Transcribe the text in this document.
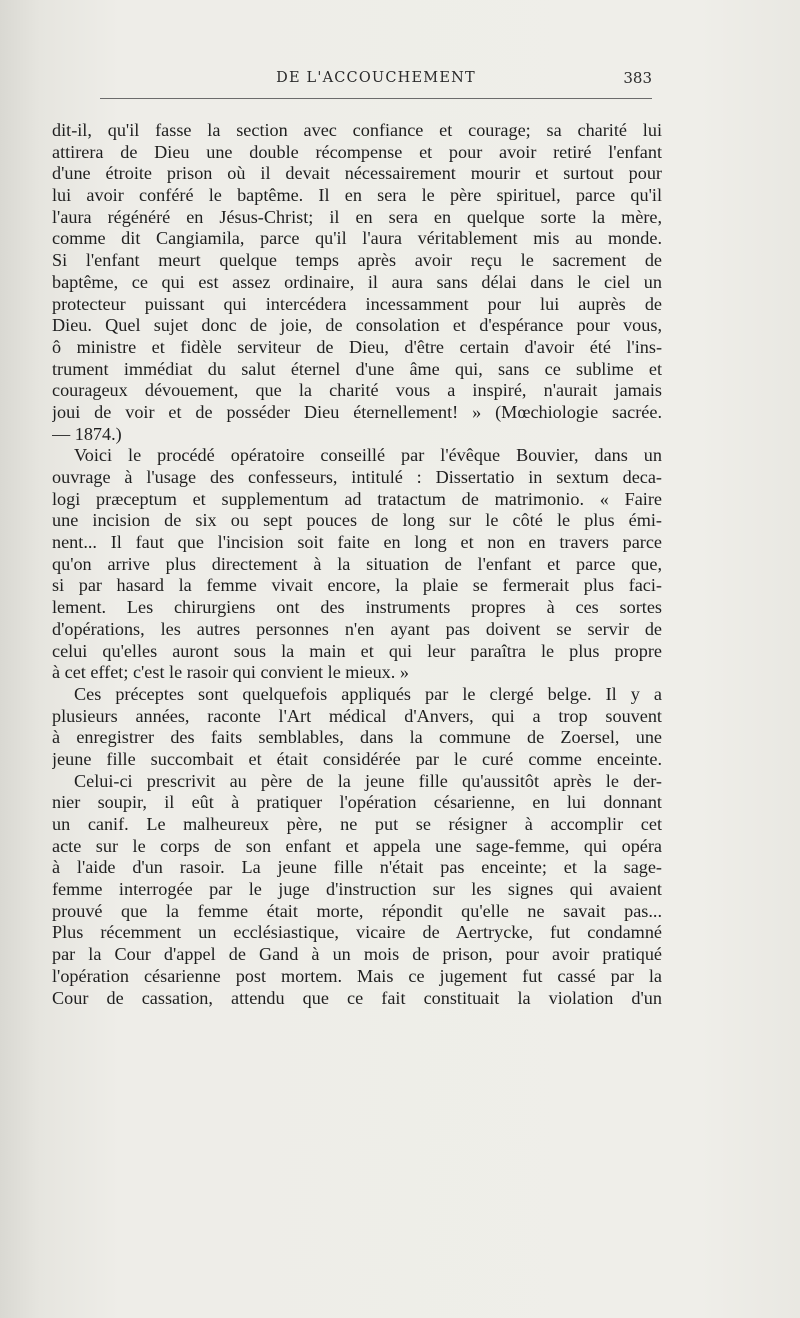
DE L'ACCOUCHEMENT	383
dit-il, qu'il fasse la section avec confiance et courage; sa charité lui
attirera de Dieu une double récompense et pour avoir retiré l'enfant
d'une étroite prison où il devait nécessairement mourir et surtout pour
lui avoir conféré le baptême. Il en sera le père spirituel, parce qu'il
l'aura régénéré en Jésus-Christ; il en sera en quelque sorte la mère,
comme dit Cangiamila, parce qu'il l'aura véritablement mis au monde.
Si l'enfant meurt quelque temps après avoir reçu le sacrement de
baptême, ce qui est assez ordinaire, il aura sans délai dans le ciel un
protecteur puissant qui intercédera incessamment pour lui auprès de
Dieu. Quel sujet donc de joie, de consolation et d'espérance pour vous,
ô ministre et fidèle serviteur de Dieu, d'être certain d'avoir été l'ins-
trument immédiat du salut éternel d'une âme qui, sans ce sublime et
courageux dévouement, que la charité vous a inspiré, n'aurait jamais
joui de voir et de posséder Dieu éternellement! » (Mœchiologie sacrée.
— 1874.)
Voici le procédé opératoire conseillé par l'évêque Bouvier, dans un
ouvrage à l'usage des confesseurs, intitulé : Dissertatio in sextum deca-
logi præceptum et supplementum ad tratactum de matrimonio. « Faire
une incision de six ou sept pouces de long sur le côté le plus émi-
nent... Il faut que l'incision soit faite en long et non en travers parce
qu'on arrive plus directement à la situation de l'enfant et parce que,
si par hasard la femme vivait encore, la plaie se fermerait plus faci-
lement. Les chirurgiens ont des instruments propres à ces sortes
d'opérations, les autres personnes n'en ayant pas doivent se servir de
celui qu'elles auront sous la main et qui leur paraîtra le plus propre
à cet effet; c'est le rasoir qui convient le mieux. »
Ces préceptes sont quelquefois appliqués par le clergé belge. Il y a
plusieurs années, raconte l'Art médical d'Anvers, qui a trop souvent
à enregistrer des faits semblables, dans la commune de Zoersel, une
jeune fille succombait et était considérée par le curé comme enceinte.
Celui-ci prescrivit au père de la jeune fille qu'aussitôt après le der-
nier soupir, il eût à pratiquer l'opération césarienne, en lui donnant
un canif. Le malheureux père, ne put se résigner à accomplir cet
acte sur le corps de son enfant et appela une sage-femme, qui opéra
à l'aide d'un rasoir. La jeune fille n'était pas enceinte; et la sage-
femme interrogée par le juge d'instruction sur les signes qui avaient
prouvé que la femme était morte, répondit qu'elle ne savait pas...
Plus récemment un ecclésiastique, vicaire de Aertrycke, fut condamné
par la Cour d'appel de Gand à un mois de prison, pour avoir pratiqué
l'opération césarienne post mortem. Mais ce jugement fut cassé par la
Cour de cassation, attendu que ce fait constituait la violation d'un
